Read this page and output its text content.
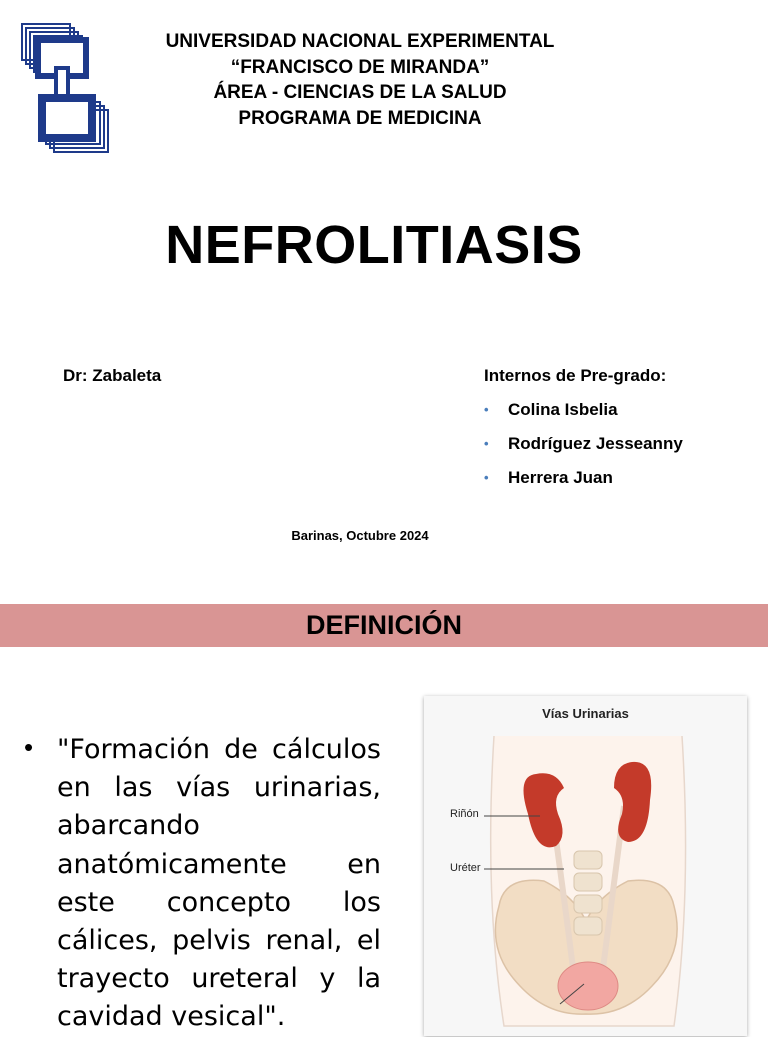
UNIVERSIDAD NACIONAL EXPERIMENTAL
“FRANCISCO DE MIRANDA”
ÁREA - CIENCIAS DE LA SALUD
PROGRAMA DE MEDICINA
NEFROLITIASIS
Dr: Zabaleta	Internos de Pre-grado:
• Colina Isbelia
• Rodríguez Jesseanny
• Herrera Juan
Barinas, Octubre 2024
DEFINICIÓN
• "Formación de cálculos en las vías urinarias, abarcando anatómicamente en este concepto los cálices, pelvis renal, el trayecto ureteral y la cavidad vesical".
Vías Urinarias
Riñón
Uréter
